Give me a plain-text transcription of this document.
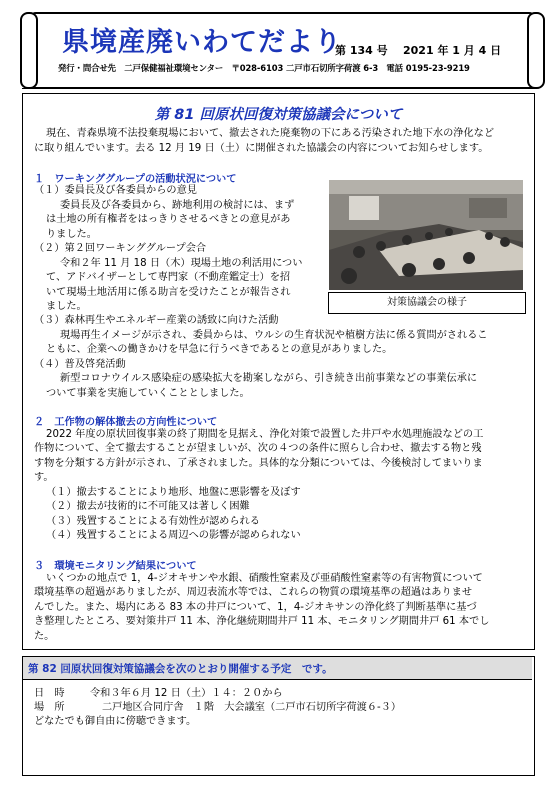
県境産廃いわてだより
第 134 号 2021 年 1 月 4 日
発行・問合せ先　二戸保健福祉環境センター　〒028-6103 二戸市石切所字荷渡 6-3　電話 0195-23-9219
第 81 回原状回復対策協議会について
現在、青森県境不法投棄現場において、撤去された廃棄物の下にある汚染された地下水の浄化など
に取り組んでいます。去る 12 月 19 日（土）に開催された協議会の内容についてお知らせします。
１　ワーキンググループの活動状況について
（１）委員長及び各委員からの意見
委員長及び各委員から、跡地利用の検討には、まず
は土地の所有権者をはっきりさせるべきとの意見があ
りました。
（２）第２回ワーキンググループ会合
令和２年 11 月 18 日（木）現場土地の利活用につい
て、アドバイザーとして専門家（不動産鑑定士）を招
いて現場土地活用に係る助言を受けたことが報告され
ました。
（３）森林再生やエネルギー産業の誘致に向けた活動
現場再生イメージが示され、委員からは、ウルシの生育状況や植樹方法に係る質問がされるこ
ともに、企業への働きかけを早急に行うべきであるとの意見がありました。
（４）普及啓発活動
新型コロナウイルス感染症の感染拡大を勘案しながら、引き続き出前事業などの事業伝承に
ついて事業を実施していくこととしました。
対策協議会の様子
２　工作物の解体撤去の方向性について
2022 年度の原状回復事業の終了期間を見据え、浄化対策で設置した井戸や水処理施設などの工
作物について、全て撤去することが望ましいが、次の４つの条件に照らし合わせ、撤去する物と残
す物を分類する方針が示され、了承されました。具体的な分類については、今後検討してまいりま
す。
（１）撤去することにより地形、地盤に悪影響を及ぼす
（２）撤去が技術的に不可能又は著しく困難
（３）残置することによる有効性が認められる
（４）残置することによる周辺への影響が認められない
３　環境モニタリング結果について
いくつかの地点で 1，4-ジオキサンや水銀、硝酸性窒素及び亜硝酸性窒素等の有害物質について
環境基準の超過がありましたが、周辺表流水等では、これらの物質の環境基準の超過はありませ
んでした。また、場内にある 83 本の井戸について、1，4-ジオキサンの浄化終了判断基準に基づ
き整理したところ、要対策井戸 11 本、浄化継続期間井戸 11 本、モニタリング期間井戸 61 本でし
た。
第 82 回原状回復対策協議会を次のとおり開催する予定　です。
日　時 令和３年６月 12 日（土）１４：２０から
場　所	二戸地区合同庁舎　１階　大会議室（二戸市石切所字荷渡６-３）
どなたでも御自由に傍聴できます。
